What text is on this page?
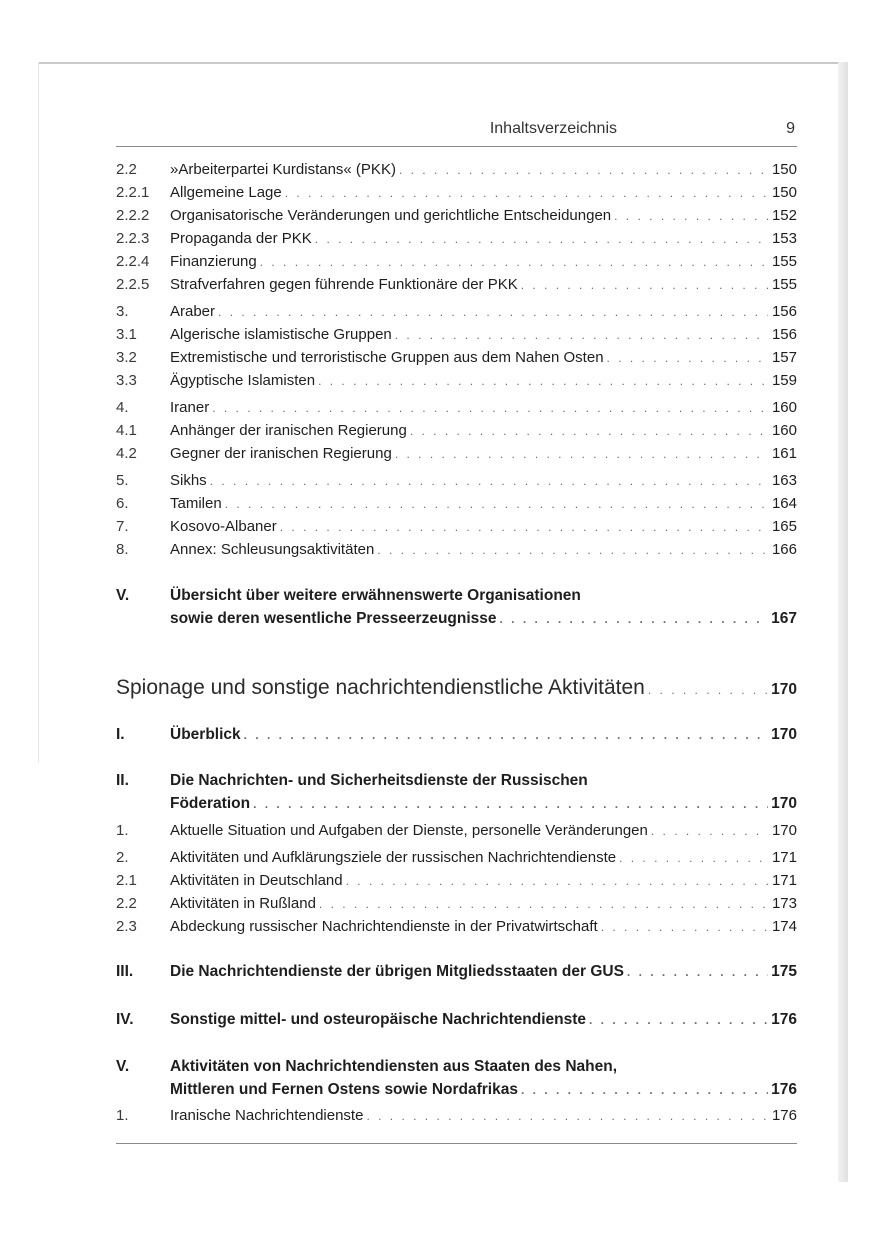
Inhaltsverzeichnis	9
2.2	»Arbeiterpartei Kurdistans« (PKK) . . .	150
2.2.1	Allgemeine Lage . . .	150
2.2.2	Organisatorische Veränderungen und gerichtliche Entscheidungen . . .	152
2.2.3	Propaganda der PKK . . .	153
2.2.4	Finanzierung . . .	155
2.2.5	Strafverfahren gegen führende Funktionäre der PKK . . .	155
3.	Araber . . .	156
3.1	Algerische islamistische Gruppen . . .	156
3.2	Extremistische und terroristische Gruppen aus dem Nahen Osten . . .	157
3.3	Ägyptische Islamisten . . .	159
4.	Iraner . . .	160
4.1	Anhänger der iranischen Regierung . . .	160
4.2	Gegner der iranischen Regierung . . .	161
5.	Sikhs . . .	163
6.	Tamilen . . .	164
7.	Kosovo-Albaner . . .	165
8.	Annex: Schleusungsaktivitäten . . .	166
V.	Übersicht über weitere erwähnenswerte Organisationen
sowie deren wesentliche Presseerzeugnisse . . .	167
Spionage und sonstige nachrichtendienstliche Aktivitäten . . .	170
I.	Überblick . . .	170
II.	Die Nachrichten- und Sicherheitsdienste der Russischen
Föderation . . .	170
1.	Aktuelle Situation und Aufgaben der Dienste, personelle Veränderungen . . .	170
2.	Aktivitäten und Aufklärungsziele der russischen Nachrichtendienste . . .	171
2.1	Aktivitäten in Deutschland . . .	171
2.2	Aktivitäten in Rußland . . .	173
2.3	Abdeckung russischer Nachrichtendienste in der Privatwirtschaft . . .	174
III.	Die Nachrichtendienste der übrigen Mitgliedsstaaten der GUS . . .	175
IV.	Sonstige mittel- und osteuropäische Nachrichtendienste . . .	176
V.	Aktivitäten von Nachrichtendiensten aus Staaten des Nahen,
Mittleren und Fernen Ostens sowie Nordafrikas . . .	176
1.	Iranische Nachrichtendienste . . .	176
